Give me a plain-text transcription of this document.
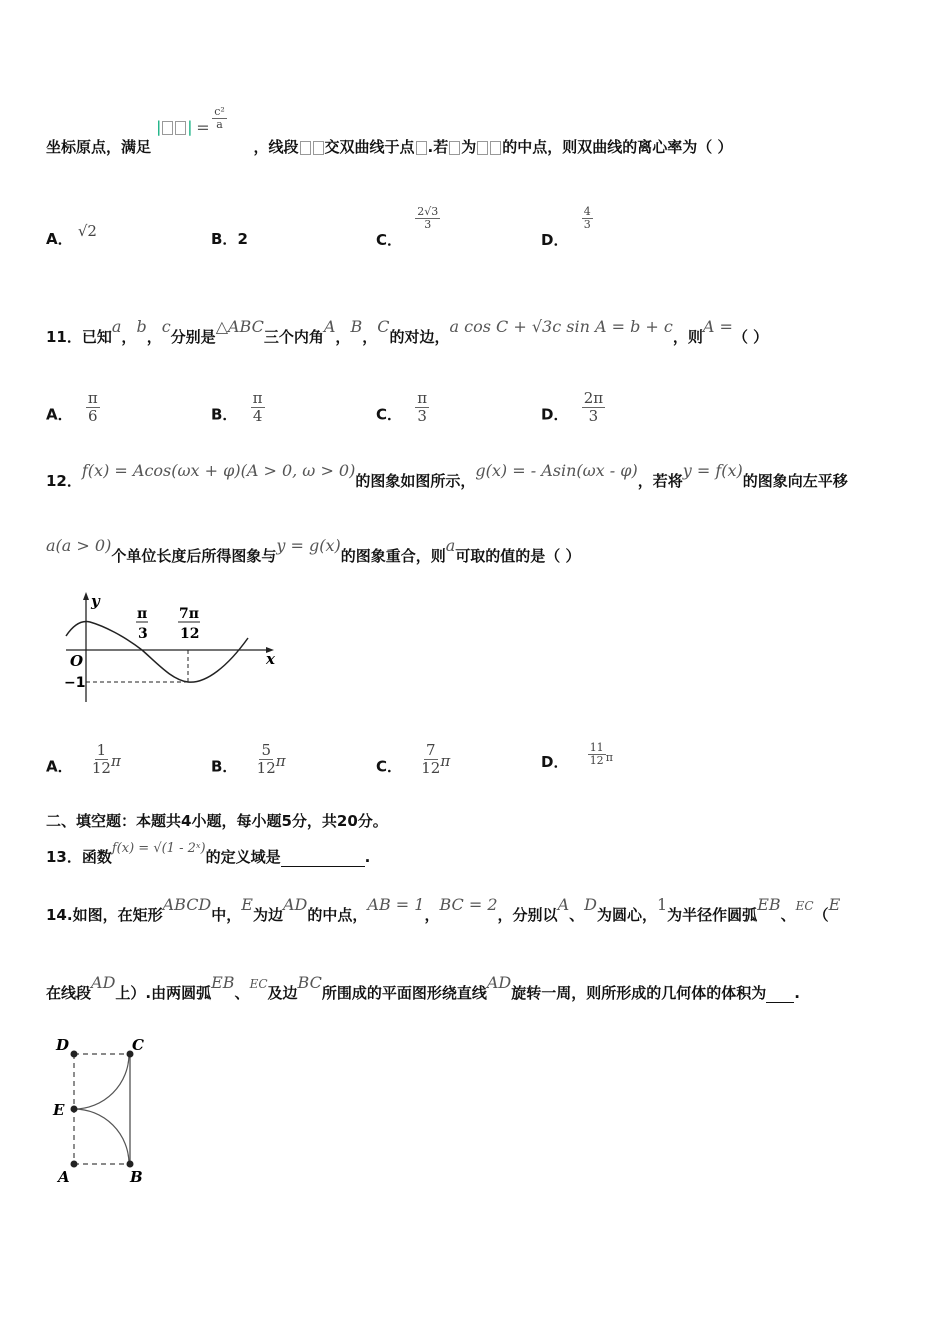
坐标原点，满足
| | = $\frac{\text{c²}}{a}$
，线段 交双曲线于点 .若 为 的中点，则双曲线的离心率为（ ）
A． √2	B．2	C．
$\frac{2√3}{3}$
D．
$\frac{4}{3}$
11．已知a，b，c分别是△ABC三个内角A，B，C的对边，a cos C + √3c sin A = b + c，则A =（ ）
A． $\frac{\pi}{6}$	B． $\frac{\pi}{4}$	C． $\frac{\pi}{3}$	D． $\frac{2\pi}{3}$
12．f(x) = Acos(ωx + φ)(A > 0, ω > 0)的图象如图所示，g(x) = - Asin(ωx - φ)，若将y = f(x)的图象向左平移
a(a > 0)个单位长度后所得图象与y = g(x)的图象重合，则a可取的值的是（ ）
y
x
O
−1
π
3
7π
12
A． $\frac{1}{12}$ π	B． $\frac{5}{12}$ π	C． $\frac{7}{12}$ π	D． $\frac{11}{12} ^\pi$
二、填空题：本题共4小题，每小题5分，共20分。
13．函数f(x) = √(1 - 2ˣ)的定义域是	.
14.如图，在矩形ABCD中，E为边AD的中点，AB = 1，BC = 2，分别以A、D为圆心，1为半径作圆弧EB、$^{EC}$（E
在线段AD上）.由两圆弧EB、$^{EC}$及边BC所围成的平面图形绕直线AD旋转一周，则所形成的几何体的体积为 .
D	C
E
A	B
